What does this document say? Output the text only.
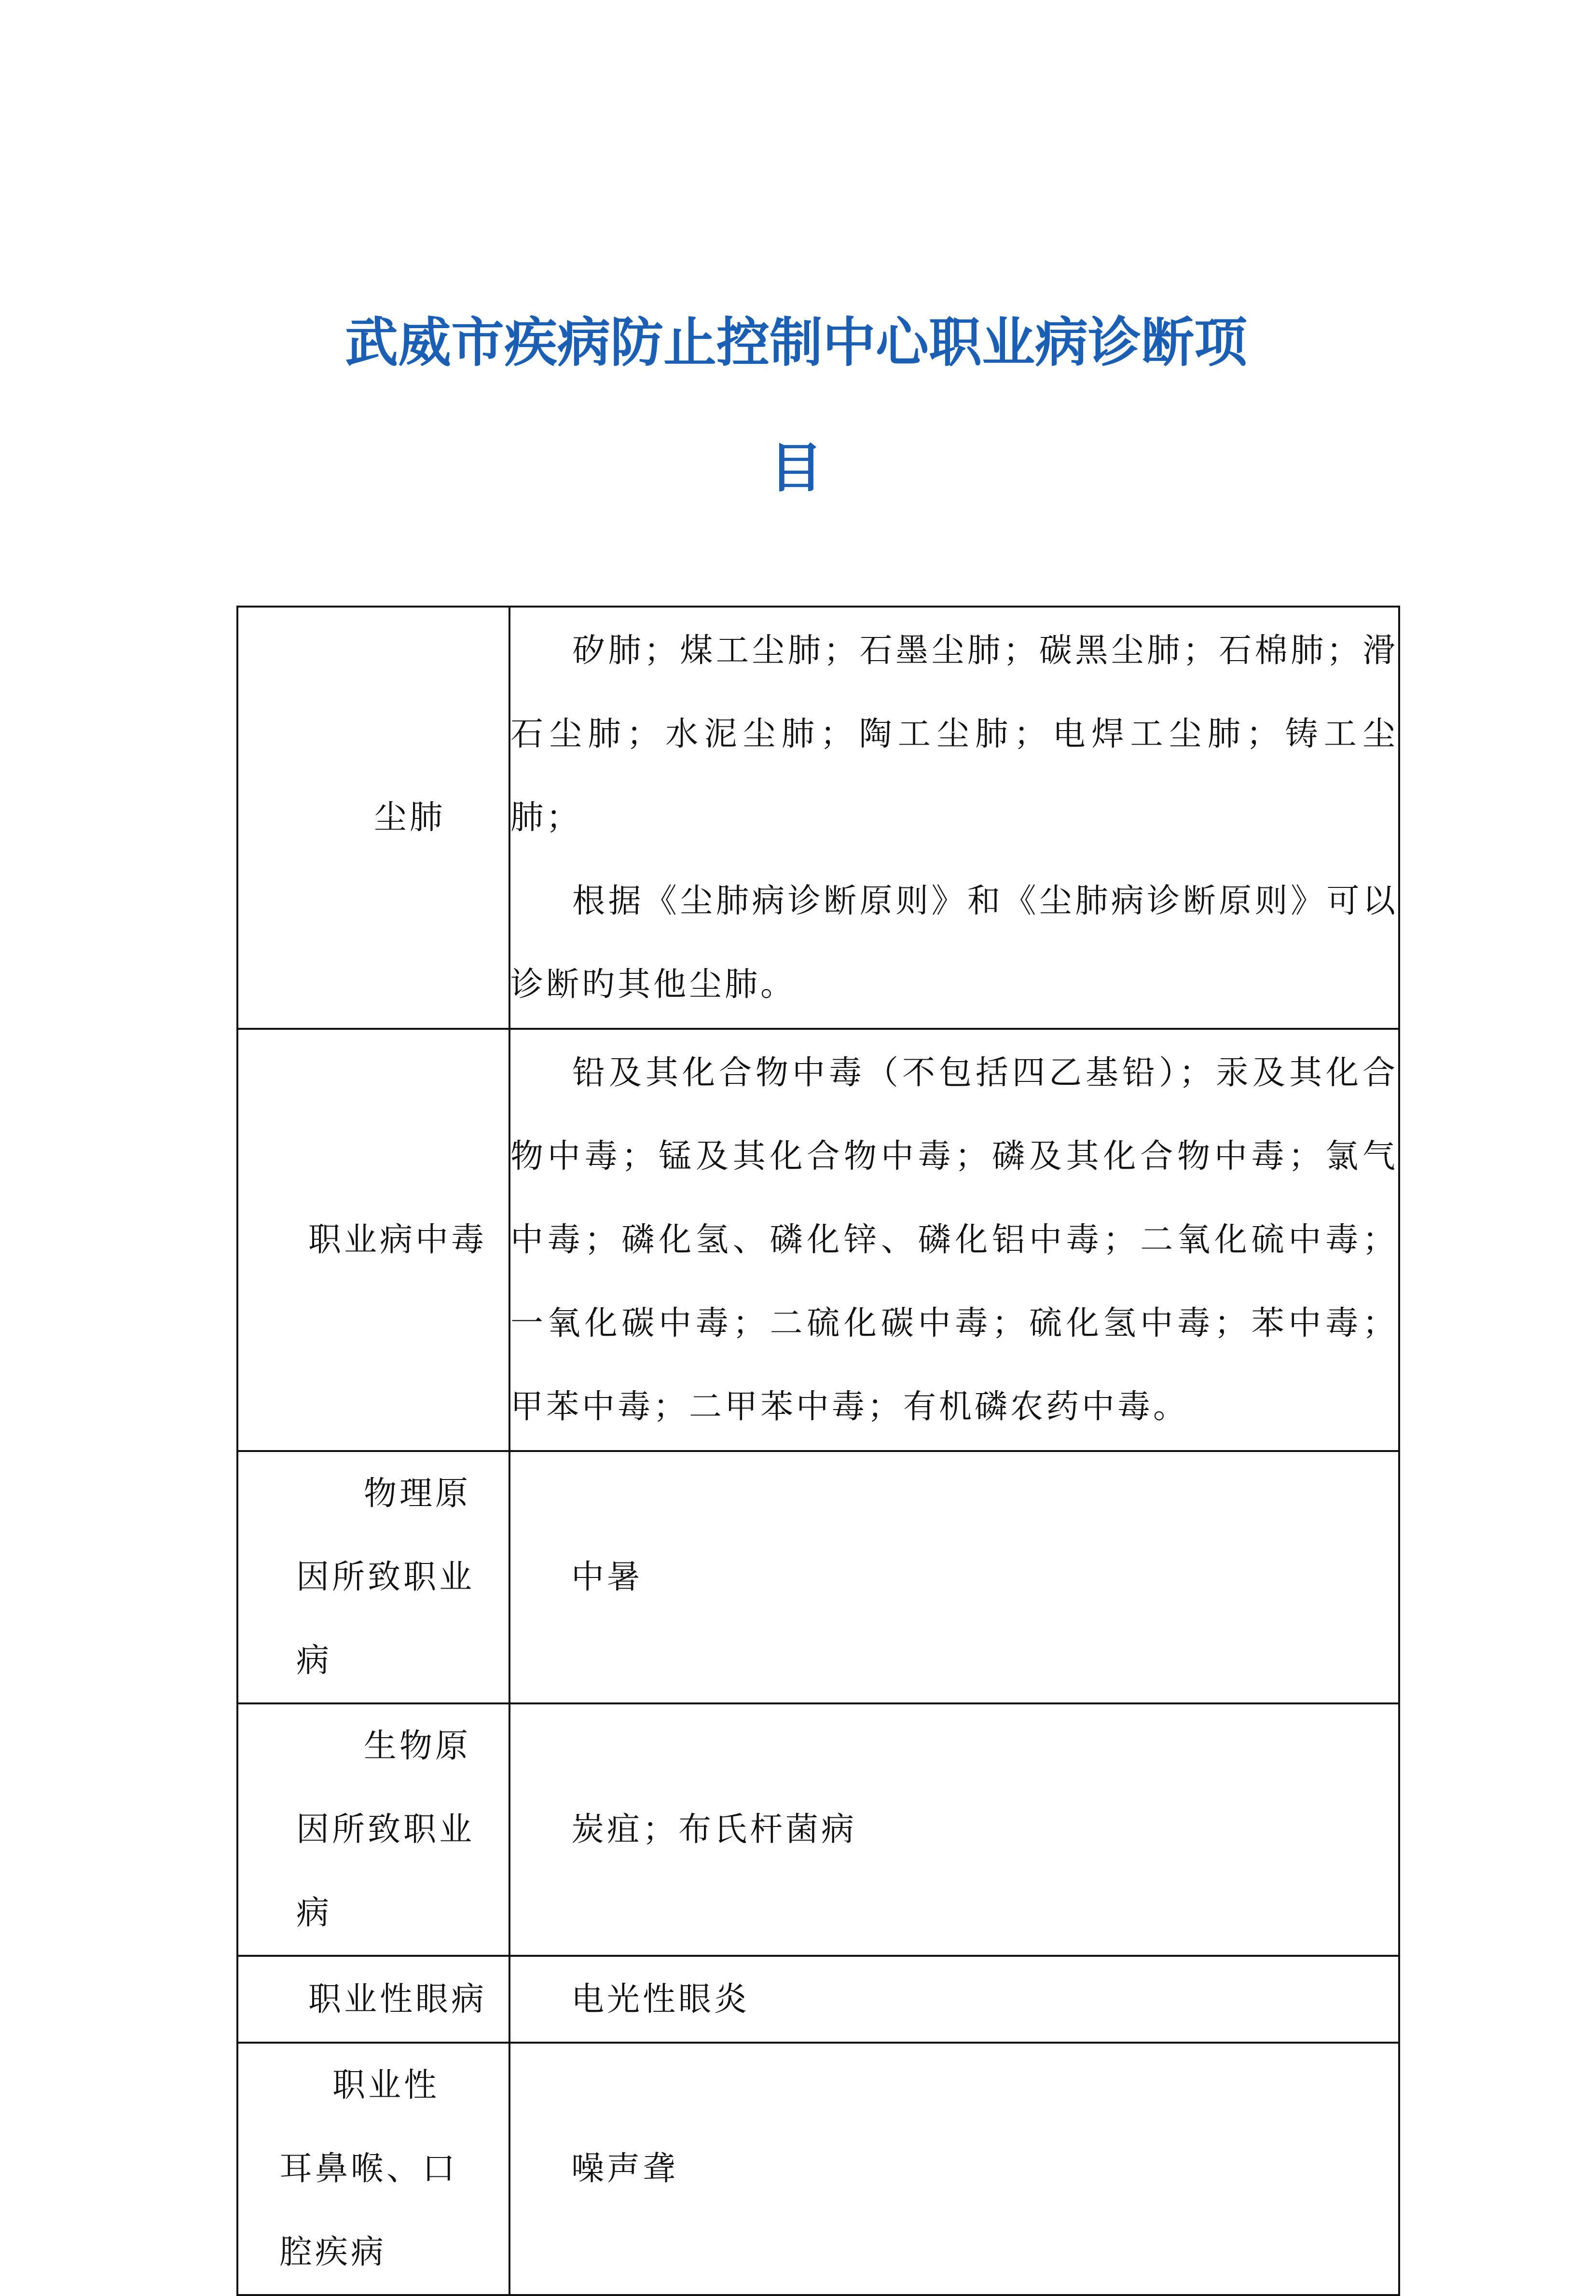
武威市疾病防止控制中心职业病诊断项
目
尘肺	矽肺；煤工尘肺；石墨尘肺；碳黑尘肺；石棉肺；滑石尘肺；水泥尘肺；陶工尘肺；电焊工尘肺；铸工尘肺；

根据《尘肺病诊断原则》和《尘肺病诊断原则》可以诊断旳其他尘肺。

职业病中毒	铅及其化合物中毒（不包括四乙基铅）；汞及其化合物中毒；锰及其化合物中毒；磷及其化合物中毒；氯气中毒；磷化氢、磷化锌、磷化铝中毒；二氧化硫中毒；一氧化碳中毒；二硫化碳中毒；硫化氢中毒；苯中毒；甲苯中毒；二甲苯中毒；有机磷农药中毒。

物理原因所致职业病	中暑

生物原因所致职业病	炭疽；布氏杆菌病

职业性眼病	电光性眼炎

职业性耳鼻喉、口腔疾病	噪声聋
